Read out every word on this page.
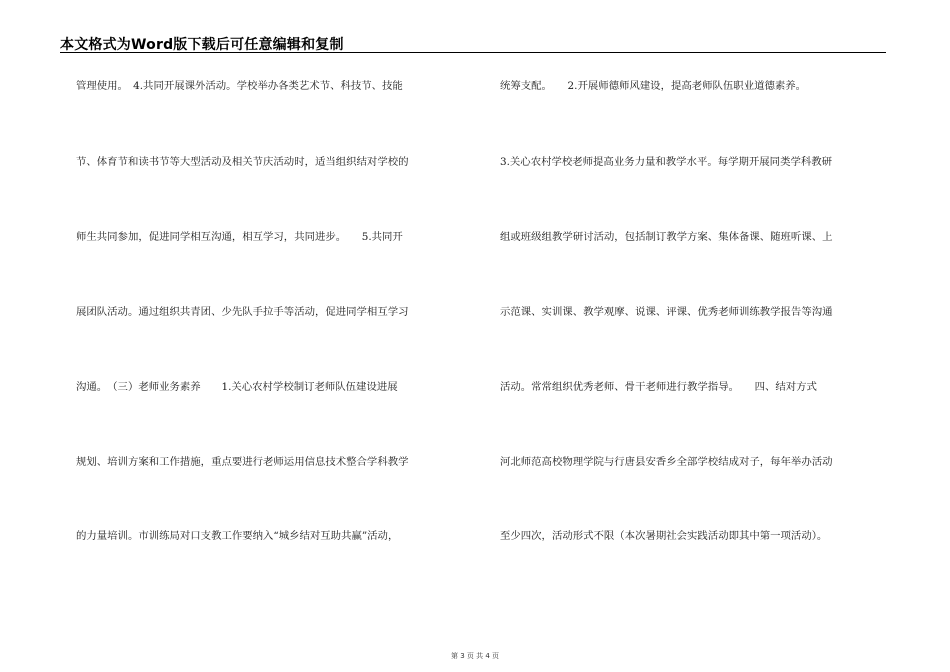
本文格式为Word版下载后可任意编辑和复制
管理使用。　4.共同开展课外活动。学校举办各类艺术节、科技节、技能
节、体育节和读书节等大型活动及相关节庆活动时，适当组织结对学校的
师生共同参加，促进同学相互沟通，相互学习，共同进步。　　5.共同开
展团队活动。通过组织共青团、少先队手拉手等活动，促进同学相互学习
沟通。　（三）老师业务素养　　1.关心农村学校制订老师队伍建设进展
规划、培训方案和工作措施，重点要进行老师运用信息技术整合学科教学
的力量培训。市训练局对口支教工作要纳入“城乡结对互助共赢”活动，
统筹支配。　　2.开展师德师风建设，提高老师队伍职业道德素养。
3.关心农村学校老师提高业务力量和教学水平。每学期开展同类学科教研
组或班级组教学研讨活动，包括制订教学方案、集体备课、随班听课、上
示范课、实训课、教学观摩、说课、评课、优秀老师训练教学报告等沟通
活动。常常组织优秀老师、骨干老师进行教学指导。　　四、结对方式
河北师范高校物理学院与行唐县安香乡全部学校结成对子，每年举办活动
至少四次，活动形式不限（本次暑期社会实践活动即其中第一项活动）。
第 3 页 共 4 页
